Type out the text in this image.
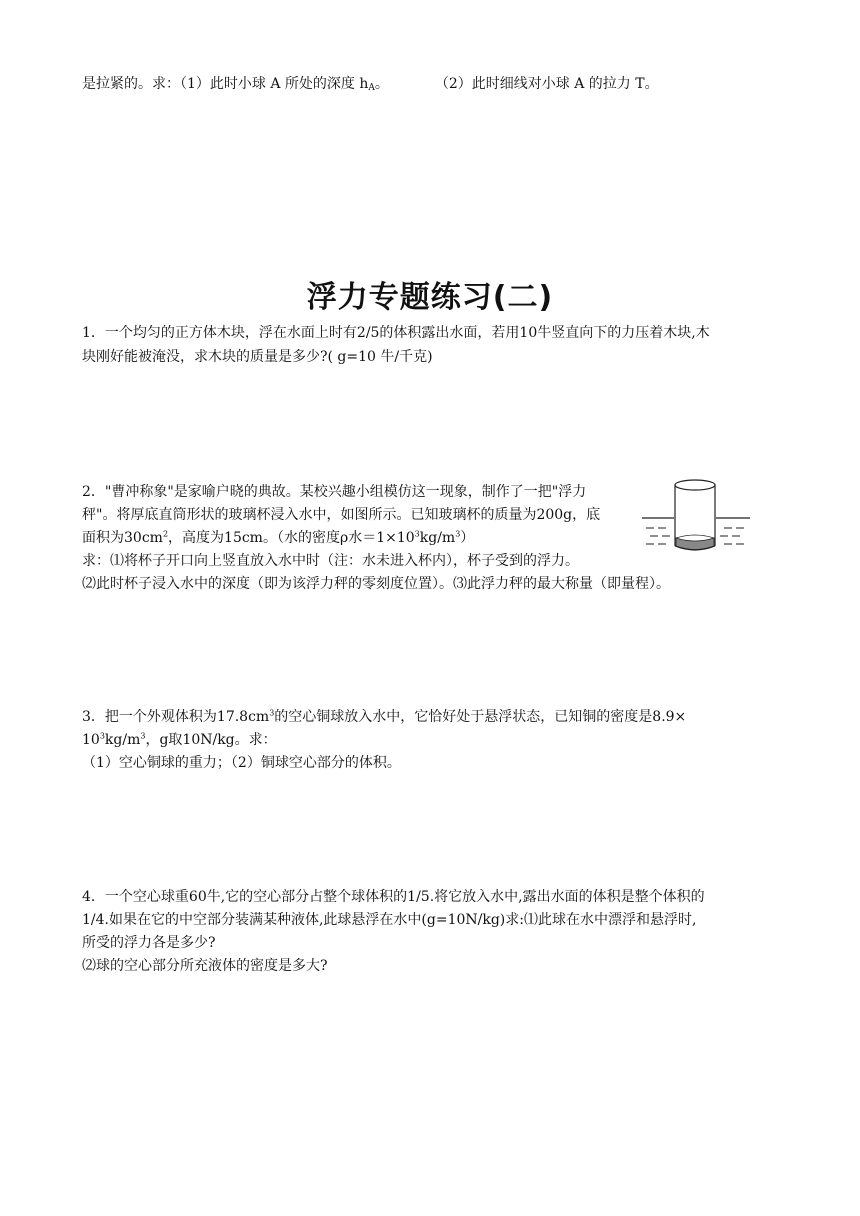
是拉紧的。求：（1）此时小球 A 所处的深度 hA。	（2）此时细线对小球 A 的拉力 T。
浮力专题练习(二)
1．一个均匀的正方体木块，浮在水面上时有2/5的体积露出水面，若用10牛竖直向下的力压着木块,木
块刚好能被淹没，求木块的质量是多少?( g=10 牛/千克)
2．"曹冲称象"是家喻户晓的典故。某校兴趣小组模仿这一现象，制作了一把"浮力
秤"。将厚底直筒形状的玻璃杯浸入水中，如图所示。已知玻璃杯的质量为200g，底
面积为$30cm^2$，高度为15cm。（水的密度ρ水$=1\times 10^3kg/m^3$）
求：⑴将杯子开口向上竖直放入水中时（注：水未进入杯内），杯子受到的浮力。
⑵此时杯子浸入水中的深度（即为该浮力秤的零刻度位置）。⑶此浮力秤的最大称量（即量程）。
3．把一个外观体积为$17.8cm^3$的空心铜球放入水中，它恰好处于悬浮状态，已知铜的密度是8.9×
$10^3kg/m^3$，g取10N/kg。求：
（1）空心铜球的重力；（2）铜球空心部分的体积。
4．一个空心球重60牛,它的空心部分占整个球体积的1/5.将它放入水中,露出水面的体积是整个体积的
1/4.如果在它的中空部分装满某种液体,此球悬浮在水中(g=10N/kg)求:⑴此球在水中漂浮和悬浮时,
所受的浮力各是多少?
⑵球的空心部分所充液体的密度是多大?
